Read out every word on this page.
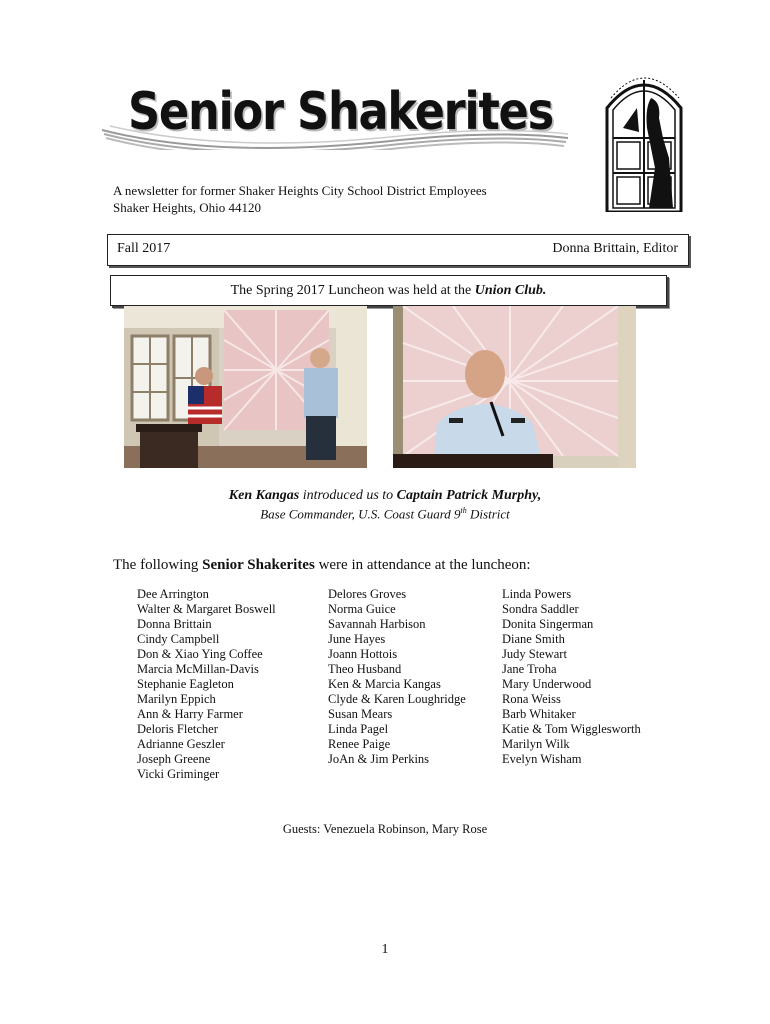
Senior Shakerites
A newsletter for former Shaker Heights City School District Employees
Shaker Heights, Ohio 44120
Fall 2017	Donna Brittain, Editor
The Spring 2017 Luncheon was held at the Union Club.
Ken Kangas introduced us to Captain Patrick Murphy,
Base Commander, U.S. Coast Guard 9th District
The following Senior Shakerites were in attendance at the luncheon:
Dee Arrington
Walter & Margaret Boswell
Donna Brittain
Cindy Campbell
Don & Xiao Ying Coffee
Marcia McMillan-Davis
Stephanie Eagleton
Marilyn Eppich
Ann & Harry Farmer
Deloris Fletcher
Adrianne Geszler
Joseph Greene
Vicki Griminger
Delores Groves
Norma Guice
Savannah Harbison
June Hayes
Joann Hottois
Theo Husband
Ken & Marcia Kangas
Clyde & Karen Loughridge
Susan Mears
Linda Pagel
Renee Paige
JoAn & Jim Perkins
Linda Powers
Sondra Saddler
Donita Singerman
Diane Smith
Judy Stewart
Jane Troha
Mary Underwood
Rona Weiss
Barb Whitaker
Katie & Tom Wigglesworth
Marilyn Wilk
Evelyn Wisham
Guests: Venezuela Robinson, Mary Rose
1
